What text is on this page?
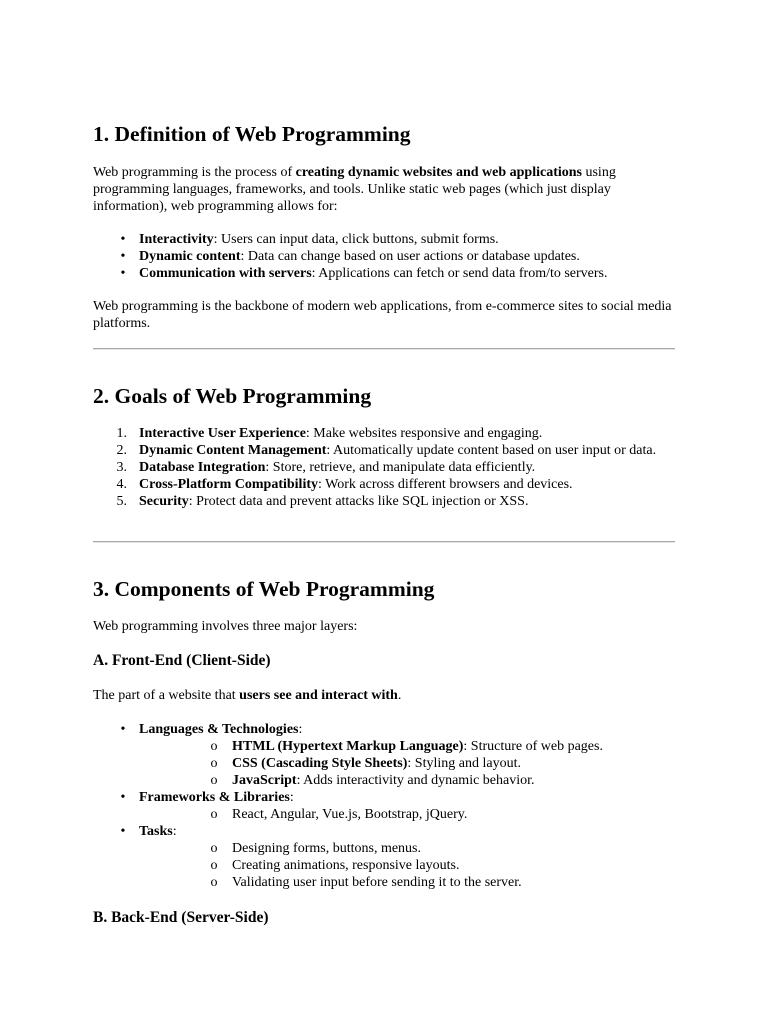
1. Definition of Web Programming
Web programming is the process of creating dynamic websites and web applications using programming languages, frameworks, and tools. Unlike static web pages (which just display information), web programming allows for:
• Interactivity: Users can input data, click buttons, submit forms.
• Dynamic content: Data can change based on user actions or database updates.
• Communication with servers: Applications can fetch or send data from/to servers.
Web programming is the backbone of modern web applications, from e-commerce sites to social media platforms.
2. Goals of Web Programming
1. Interactive User Experience: Make websites responsive and engaging.
2. Dynamic Content Management: Automatically update content based on user input or data.
3. Database Integration: Store, retrieve, and manipulate data efficiently.
4. Cross-Platform Compatibility: Work across different browsers and devices.
5. Security: Protect data and prevent attacks like SQL injection or XSS.
3. Components of Web Programming
Web programming involves three major layers:
A. Front-End (Client-Side)
The part of a website that users see and interact with.
• Languages & Technologies:
o	HTML (Hypertext Markup Language): Structure of web pages.
o	CSS (Cascading Style Sheets): Styling and layout.
o	JavaScript: Adds interactivity and dynamic behavior.
• Frameworks & Libraries:
o	React, Angular, Vue.js, Bootstrap, jQuery.
• Tasks:
o	Designing forms, buttons, menus.
o	Creating animations, responsive layouts.
o	Validating user input before sending it to the server.
B. Back-End (Server-Side)
